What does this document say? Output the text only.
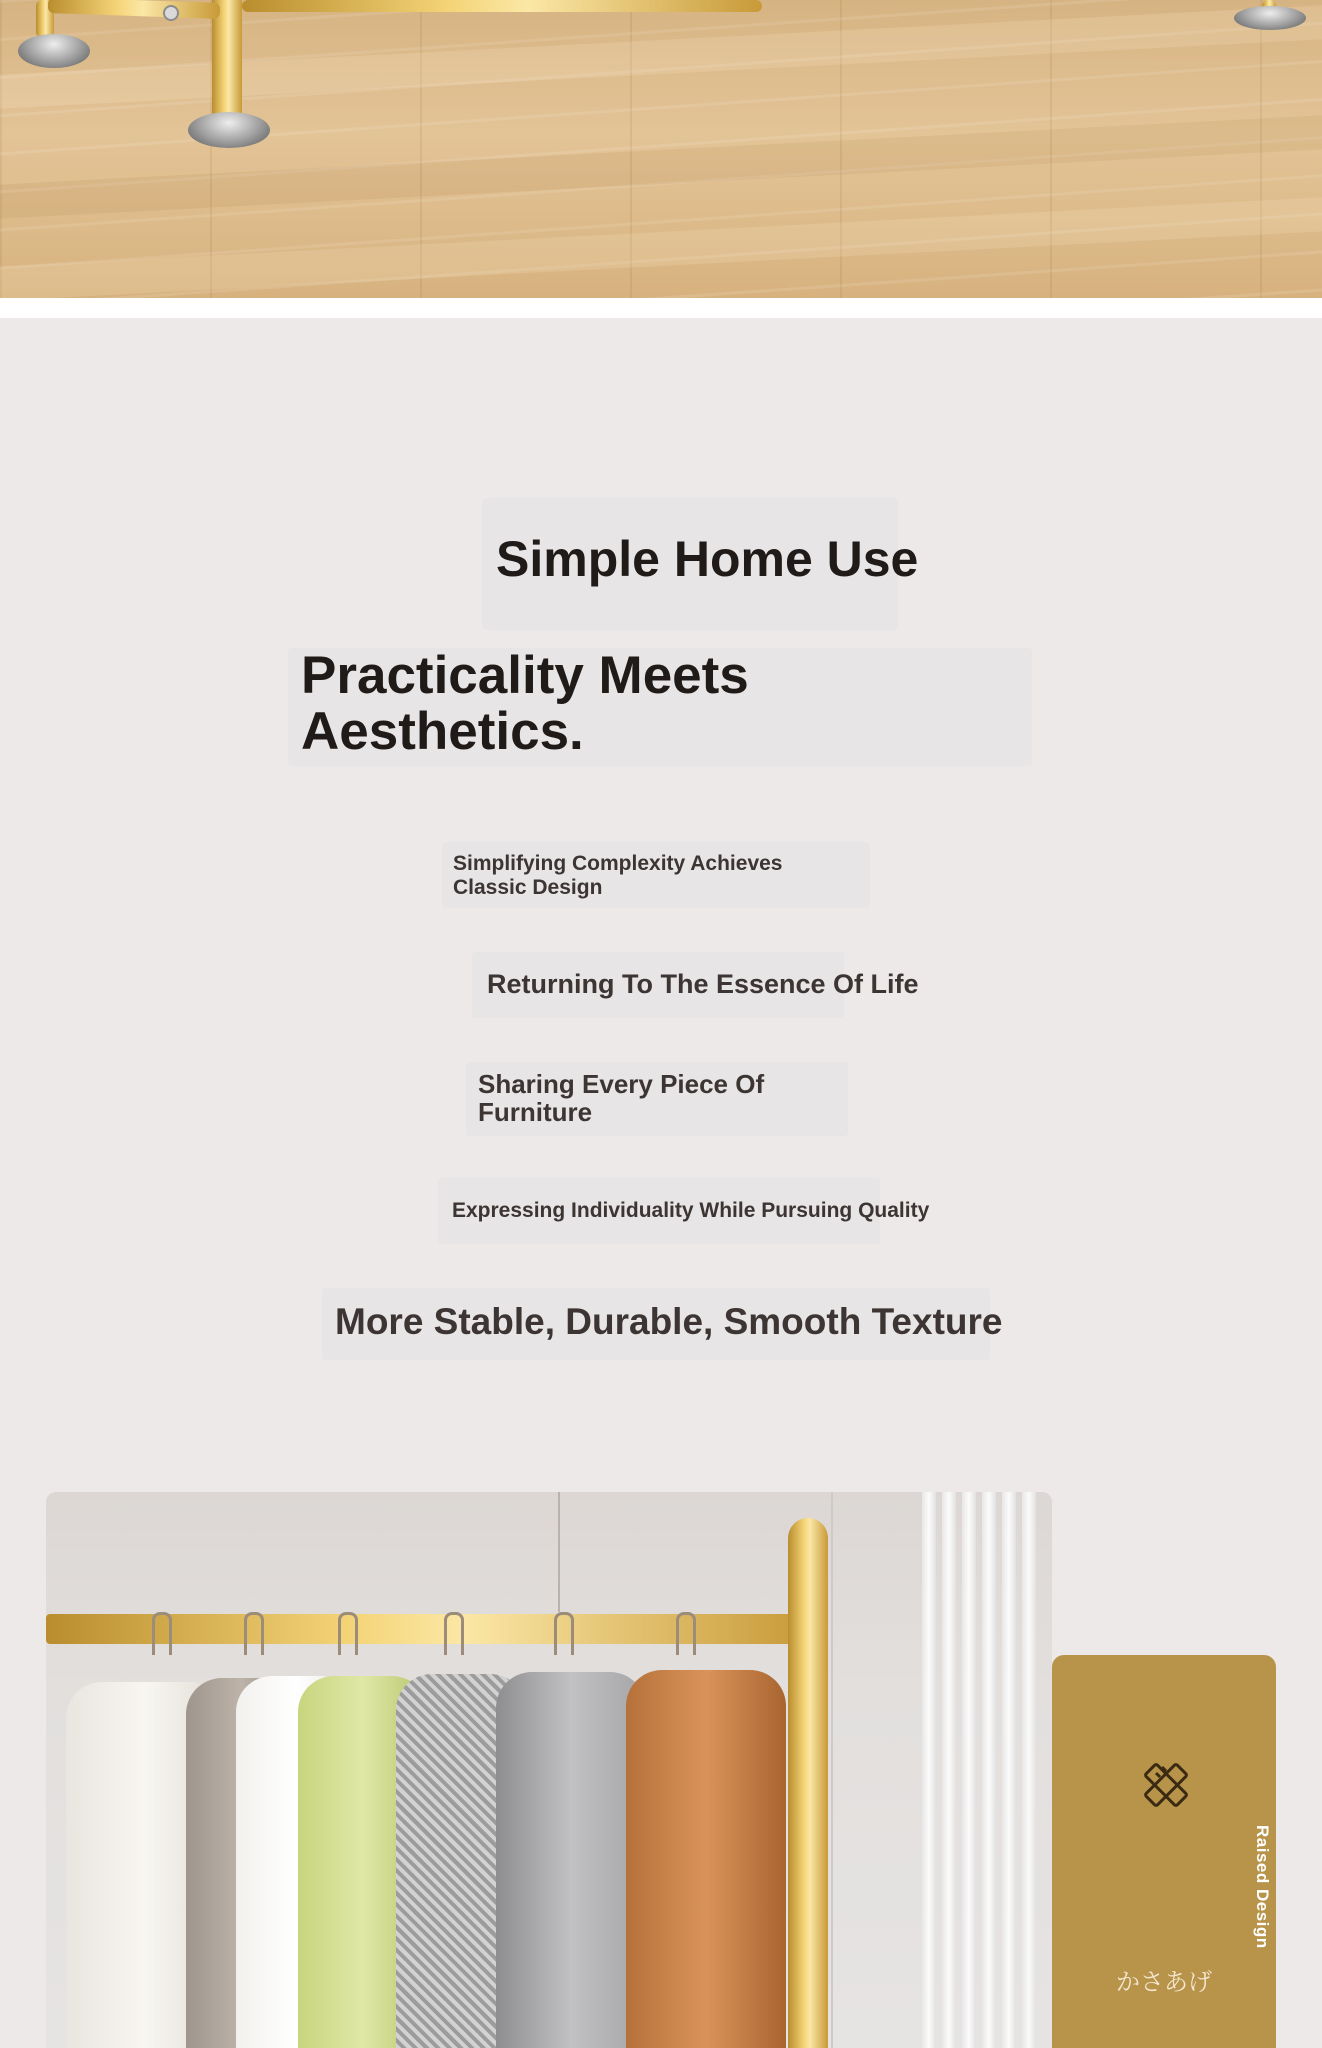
Simple Home Use
Practicality Meets
Aesthetics.

Simplifying Complexity Achieves
Classic Design

Returning To The Essence Of Life

Sharing Every Piece Of
Furniture

Expressing Individuality While Pursuing Quality

More Stable, Durable, Smooth Texture

Raised Design
かさあげ
